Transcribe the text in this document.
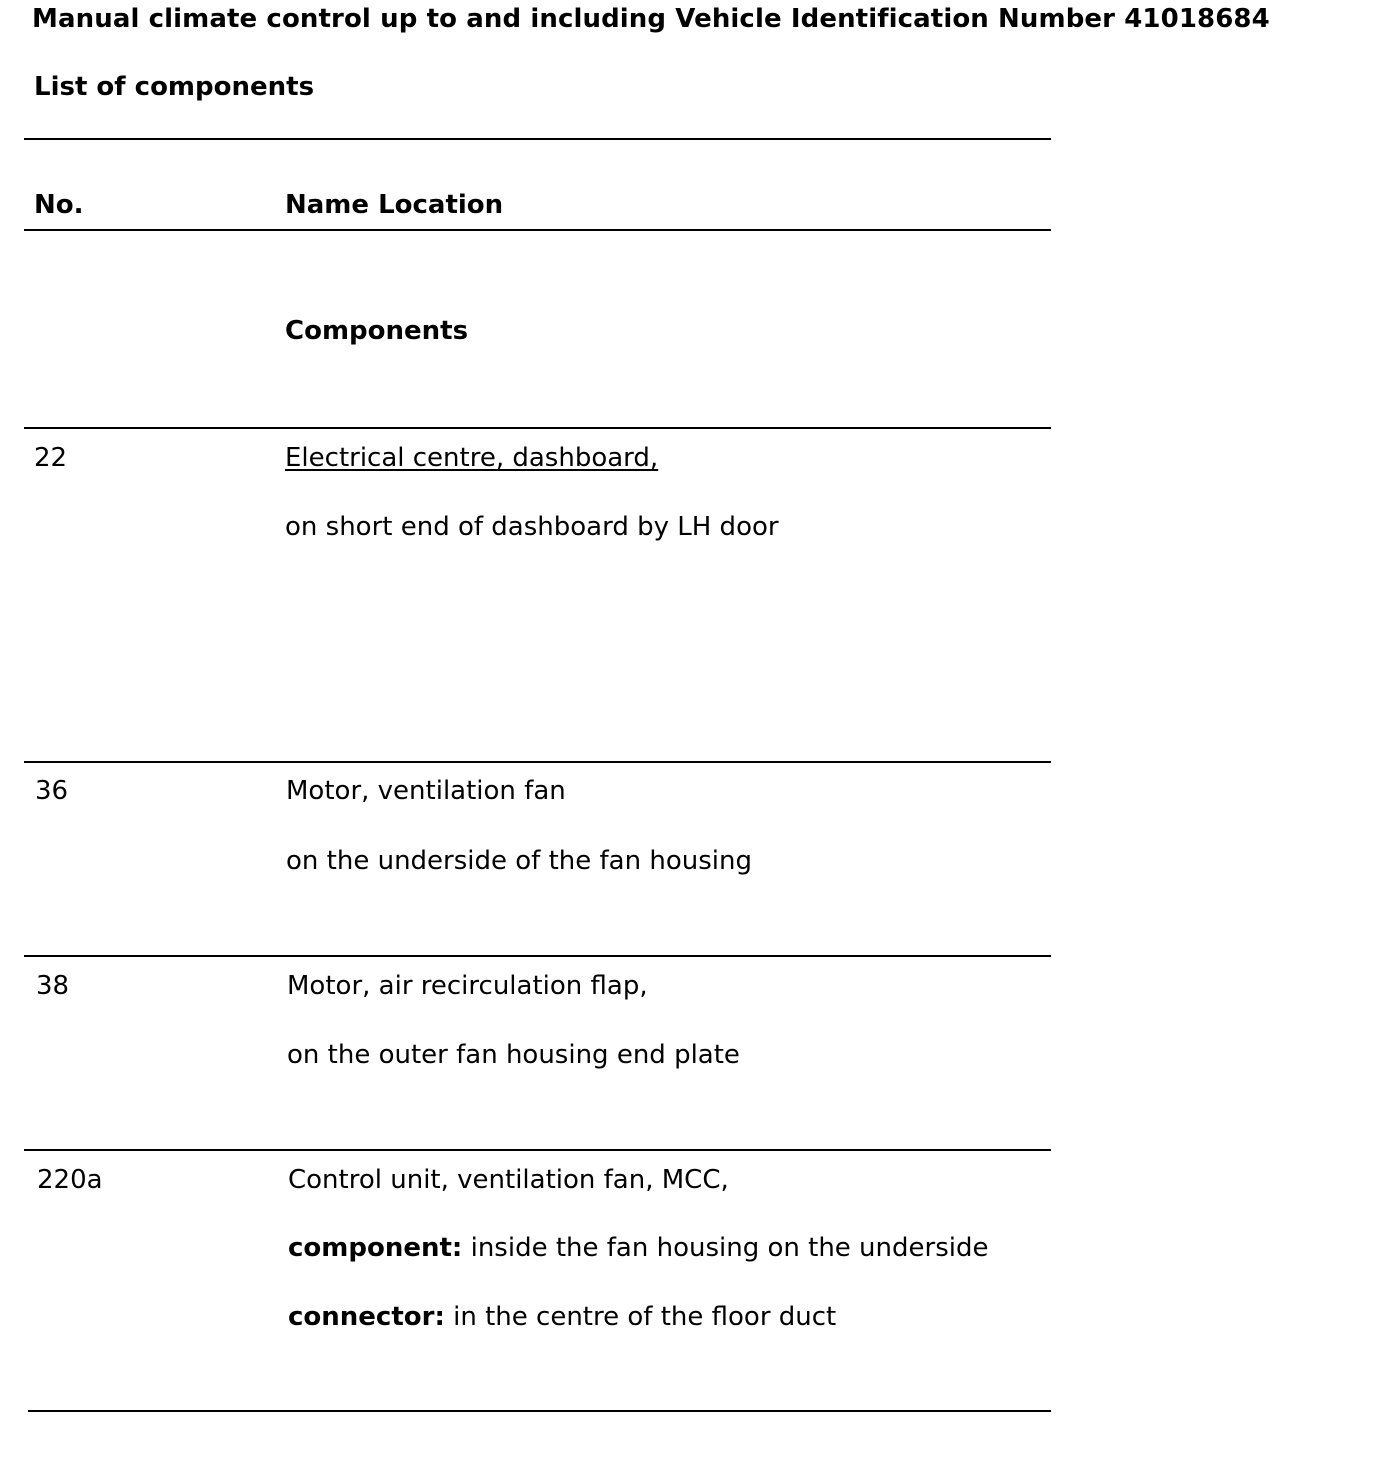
Manual climate control up to and including Vehicle Identification Number 41018684
List of components
No.	Name Location
Components
22	Electrical centre, dashboard,
on short end of dashboard by LH door
36	Motor, ventilation fan
on the underside of the fan housing
38	Motor, air recirculation flap,
on the outer fan housing end plate
220a	Control unit, ventilation fan, MCC,
component: inside the fan housing on the underside
connector: in the centre of the floor duct
